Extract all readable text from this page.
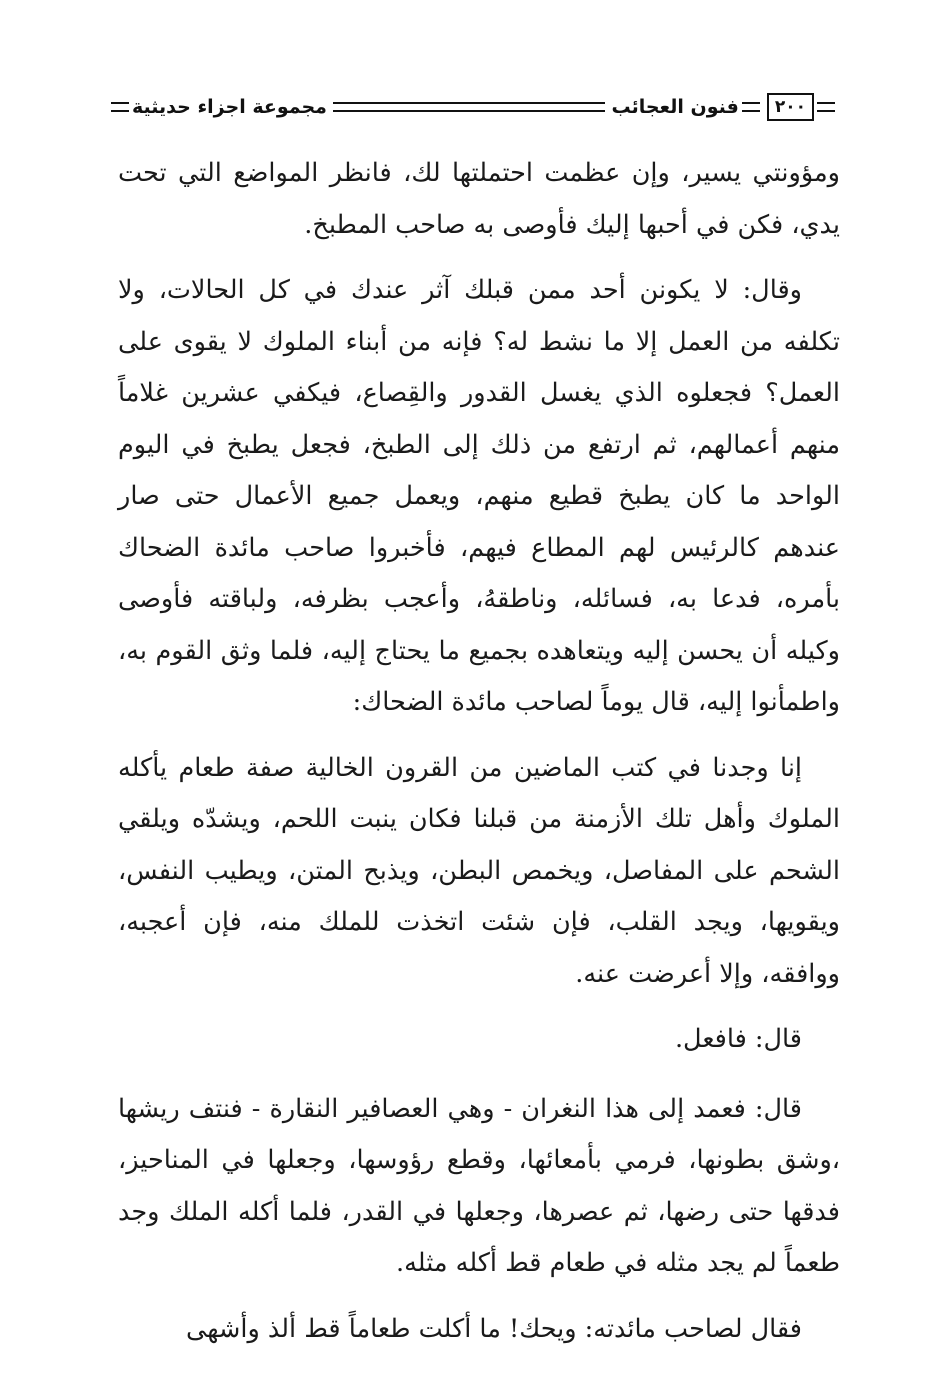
٢٠٠
فنون العجائب
مجموعة اجزاء حديثية

ومؤونتي يسير، وإن عظمت احتملتها لك، فانظر المواضع التي تحت يدي، فكن في أحبها إليك فأوصى به صاحب المطبخ.

وقال: لا يكونن أحد ممن قبلك آثر عندك في كل الحالات، ولا تكلفه من العمل إلا ما نشط له؟ فإنه من أبناء الملوك لا يقوى على العمل؟ فجعلوه الذي يغسل القدور والقِصاع، فيكفي عشرين غلاماً منهم أعمالهم، ثم ارتفع من ذلك إلى الطبخ، فجعل يطبخ في اليوم الواحد ما كان يطبخ قطيع منهم، ويعمل جميع الأعمال حتى صار عندهم كالرئيس لهم المطاع فيهم، فأخبروا صاحب مائدة الضحاك بأمره، فدعا به، فسائله، وناطقهُ، وأعجب بظرفه، ولباقته فأوصى وكيله أن يحسن إليه ويتعاهده بجميع ما يحتاج إليه، فلما وثق القوم به، واطمأنوا إليه، قال يوماً لصاحب مائدة الضحاك:

إنا وجدنا في كتب الماضين من القرون الخالية صفة طعام يأكله الملوك وأهل تلك الأزمنة من قبلنا فكان ينبت اللحم، ويشدّه ويلقي الشحم على المفاصل، ويخمص البطن، ويذبح المتن، ويطيب النفس، ويقويها، ويجد القلب، فإن شئت اتخذت للملك منه، فإن أعجبه، ووافقه، وإلا أعرضت عنه.

قال: فافعل.

قال: فعمد إلى هذا النغران - وهي العصافير النقارة - فنتف ريشها ،وشق بطونها، فرمي بأمعائها، وقطع رؤوسها، وجعلها في المناحيز، فدقها حتى رضها، ثم عصرها، وجعلها في القدر، فلما أكله الملك وجد طعماً لم يجد مثله في طعام قط أكله مثله.

فقال لصاحب مائدته: ويحك! ما أكلت طعاماً قط ألذ وأشهى
